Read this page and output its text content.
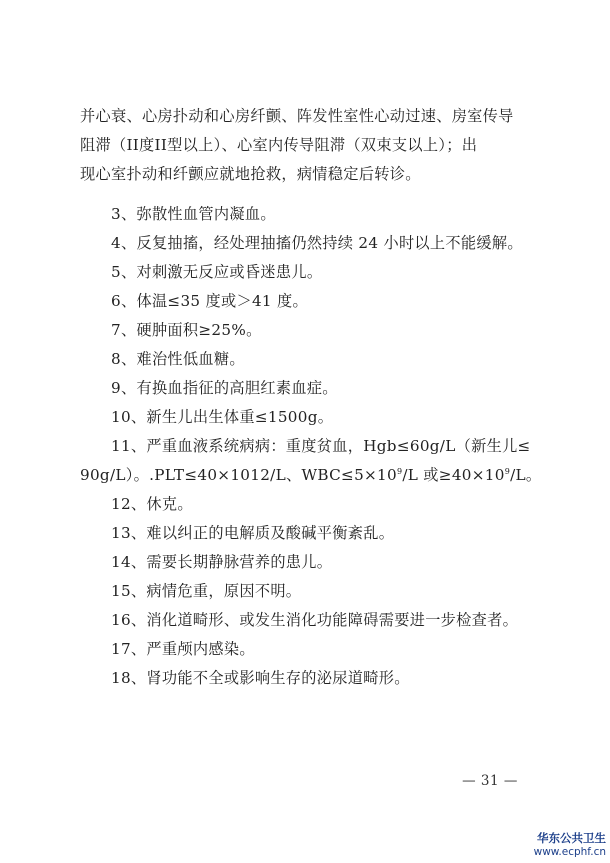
并心衰、心房扑动和心房纤颤、阵发性室性心动过速、房室传导
阻滞（II度II型以上）、心室内传导阻滞（双束支以上）；出
现心室扑动和纤颤应就地抢救，病情稳定后转诊。
3、弥散性血管内凝血。
4、反复抽搐，经处理抽搐仍然持续 24 小时以上不能缓解。
5、对刺激无反应或昏迷患儿。
6、体温≤35 度或＞41 度。
7、硬肿面积≥25%。
8、难治性低血糖。
9、有换血指征的高胆红素血症。
10、新生儿出生体重≤1500g。
11、严重血液系统病病：重度贫血，Hgb≤60g/L（新生儿≤
90g/L）。.PLT≤40×1012/L、$WBC\le 5\times 10^9/L$ 或$\ge 40\times 10^9/L$。
12、休克。
13、难以纠正的电解质及酸碱平衡紊乱。
14、需要长期静脉营养的患儿。
15、病情危重，原因不明。
16、消化道畸形、或发生消化功能障碍需要进一步检查者。
17、严重颅内感染。
18、肾功能不全或影响生存的泌尿道畸形。
— 31 —
华东公共卫生
www.ecphf.cn
